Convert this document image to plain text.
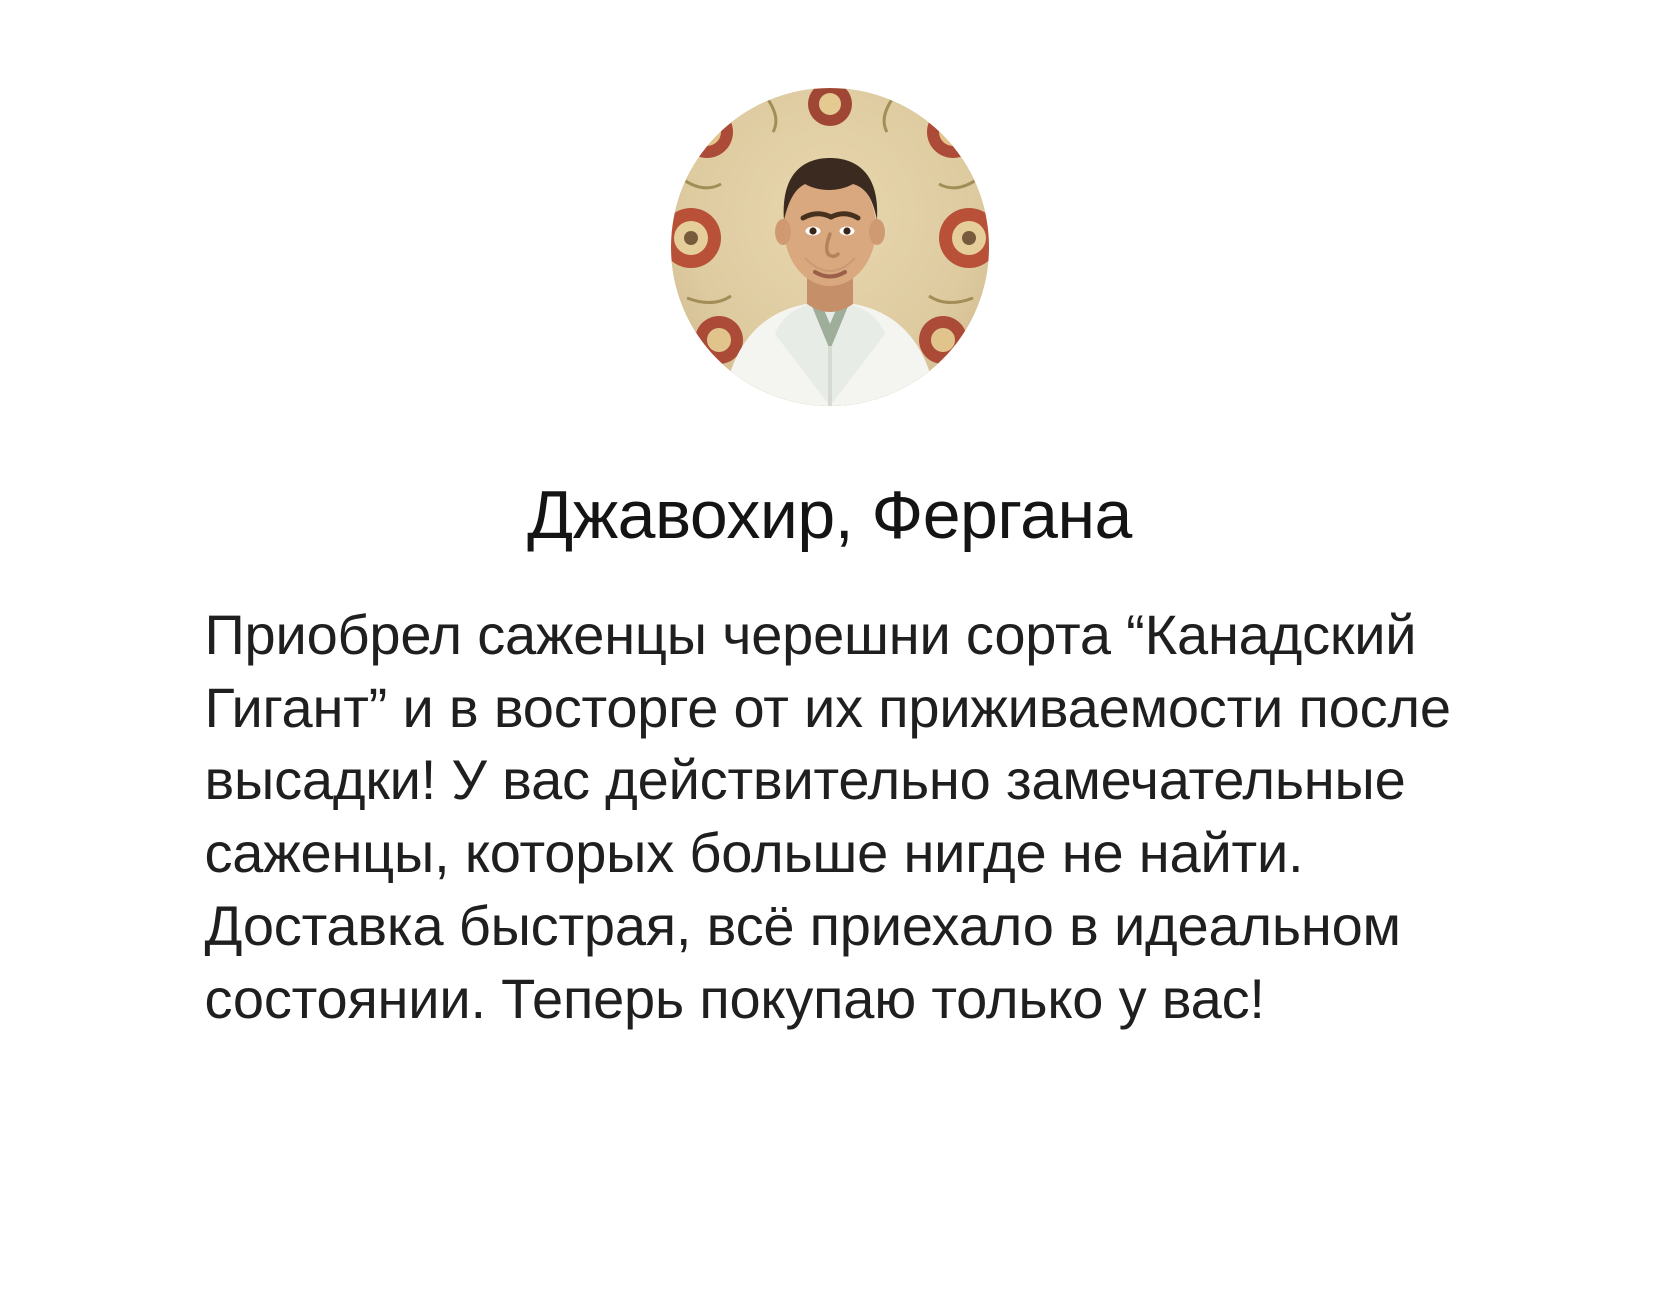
Джавохир, Фергана
Приобрел саженцы черешни сорта “Канадский Гигант” и в восторге от их приживаемости после высадки! У вас действительно замечательные саженцы, которых больше нигде не найти. Доставка быстрая, всё приехало в идеальном состоянии. Теперь покупаю только у вас!
